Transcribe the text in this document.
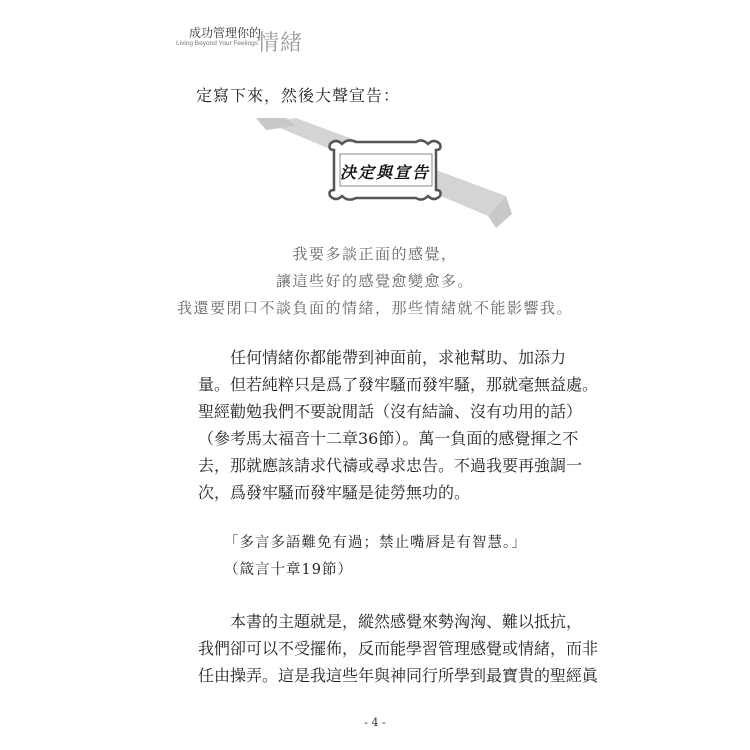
成功管理你的
Living Beyond Your Feelings
情緒
定寫下來，然後大聲宣告：
決定與宣告
我要多談正面的感覺，
讓這些好的感覺愈變愈多。
我還要閉口不談負面的情緒，那些情緒就不能影響我。
　　任何情緒你都能帶到神面前，求祂幫助、加添力
量。但若純粹只是爲了發牢騷而發牢騷，那就毫無益處。
聖經勸勉我們不要說閒話（沒有結論、沒有功用的話）
（參考馬太福音十二章36節）。萬一負面的感覺揮之不
去，那就應該請求代禱或尋求忠告。不過我要再強調一
次，爲發牢騷而發牢騷是徒勞無功的。
「多言多語難免有過；禁止嘴唇是有智慧。」
（箴言十章19節）
　　本書的主題就是，縱然感覺來勢洶洶、難以抵抗，
我們卻可以不受擺佈，反而能學習管理感覺或情緒，而非
任由操弄。這是我這些年與神同行所學到最寶貴的聖經眞
- 4 -
